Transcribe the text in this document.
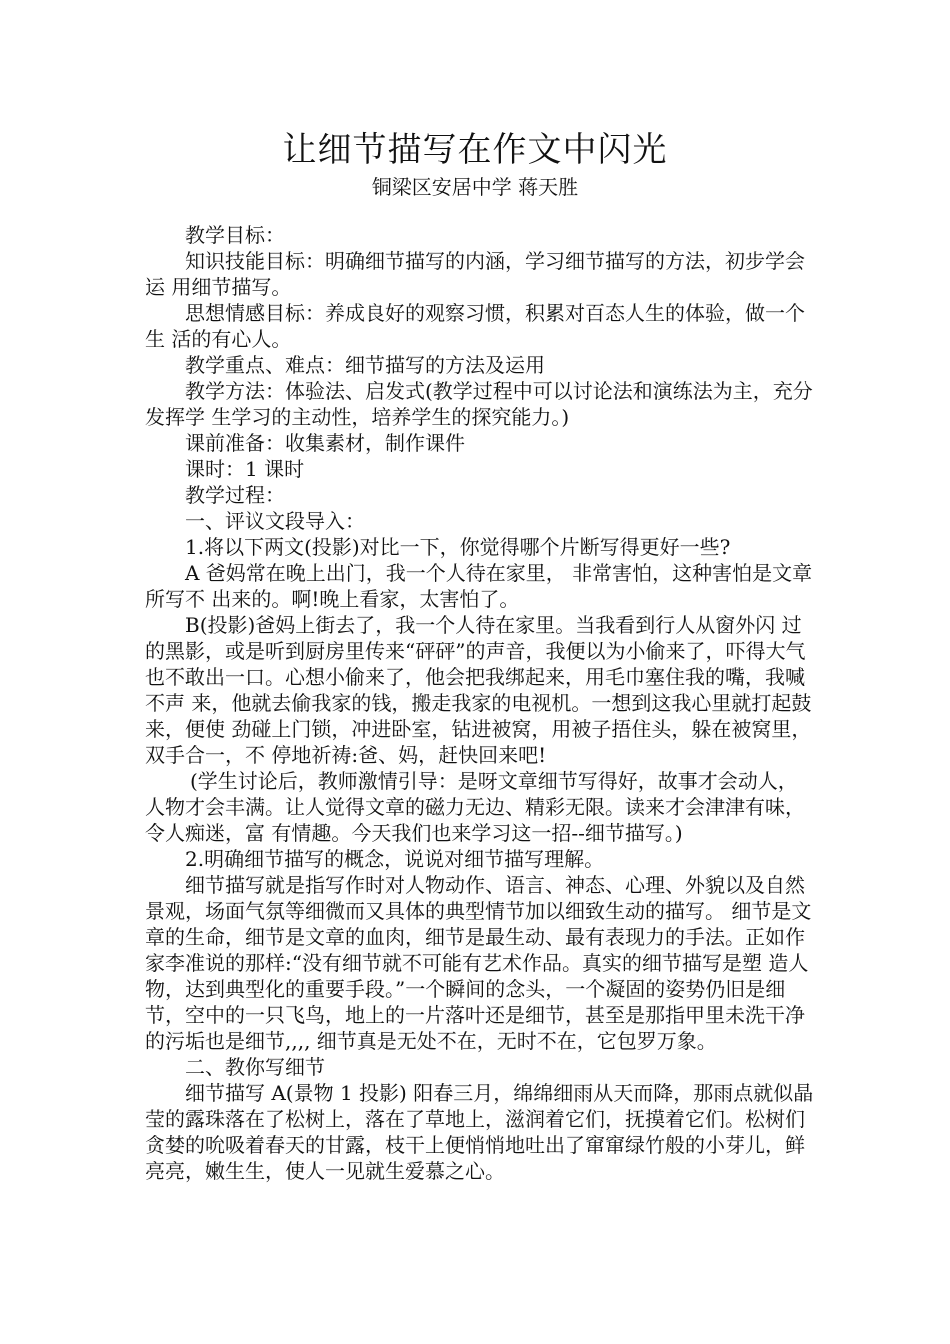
让细节描写在作文中闪光
铜梁区安居中学 蒋天胜

教学目标：

知识技能目标：明确细节描写的内涵，学习细节描写的方法，初步学会运 用细节描写。

思想情感目标：养成良好的观察习惯，积累对百态人生的体验，做一个生 活的有心人。

教学重点、难点：细节描写的方法及运用

教学方法：体验法、启发式(教学过程中可以讨论法和演练法为主，充分发挥学 生学习的主动性，培养学生的探究能力。)

课前准备：收集素材，制作课件

课时：1 课时

教学过程：

一、评议文段导入：

1.将以下两文(投影)对比一下，你觉得哪个片断写得更好一些?

A 爸妈常在晚上出门，我一个人待在家里， 非常害怕，这种害怕是文章所写不 出来的。啊!晚上看家，太害怕了。

B(投影)爸妈上街去了，我一个人待在家里。当我看到行人从窗外闪 过的黑影，或是听到厨房里传来“砰砰”的声音，我便以为小偷来了，吓得大气 也不敢出一口。心想小偷来了，他会把我绑起来，用毛巾塞住我的嘴，我喊不声 来，他就去偷我家的钱，搬走我家的电视机。一想到这我心里就打起鼓来，便使 劲碰上门锁，冲进卧室，钻进被窝，用被子捂住头，躲在被窝里，双手合一，不 停地祈祷:爸、妈，赶快回来吧!

(学生讨论后，教师激情引导：是呀文章细节写得好，故事才会动人， 人物才会丰满。让人觉得文章的磁力无边、精彩无限。读来才会津津有味，令人痴迷，富 有情趣。今天我们也来学习这一招--细节描写。)

2.明确细节描写的概念，说说对细节描写理解。

细节描写就是指写作时对人物动作、语言、神态、心理、外貌以及自然景观，场面气氛等细微而又具体的典型情节加以细致生动的描写。 细节是文章的生命，细节是文章的血肉，细节是最生动、最有表现力的手法。正如作家李准说的那样:“没有细节就不可能有艺术作品。真实的细节描写是塑 造人物，达到典型化的重要手段。”一个瞬间的念头，一个凝固的姿势仍旧是细节，空中的一只飞鸟，地上的一片落叶还是细节，甚至是那指甲里未洗干净的污垢也是细节,,,, 细节真是无处不在，无时不在，它包罗万象。

二、教你写细节

细节描写 A(景物 1 投影) 阳春三月，绵绵细雨从天而降，那雨点就似晶莹的露珠落在了松树上，落在了草地上，滋润着它们，抚摸着它们。松树们贪婪的吮吸着春天的甘露，枝干上便悄悄地吐出了窜窜绿竹般的小芽儿，鲜亮亮，嫩生生，使人一见就生爱慕之心。
